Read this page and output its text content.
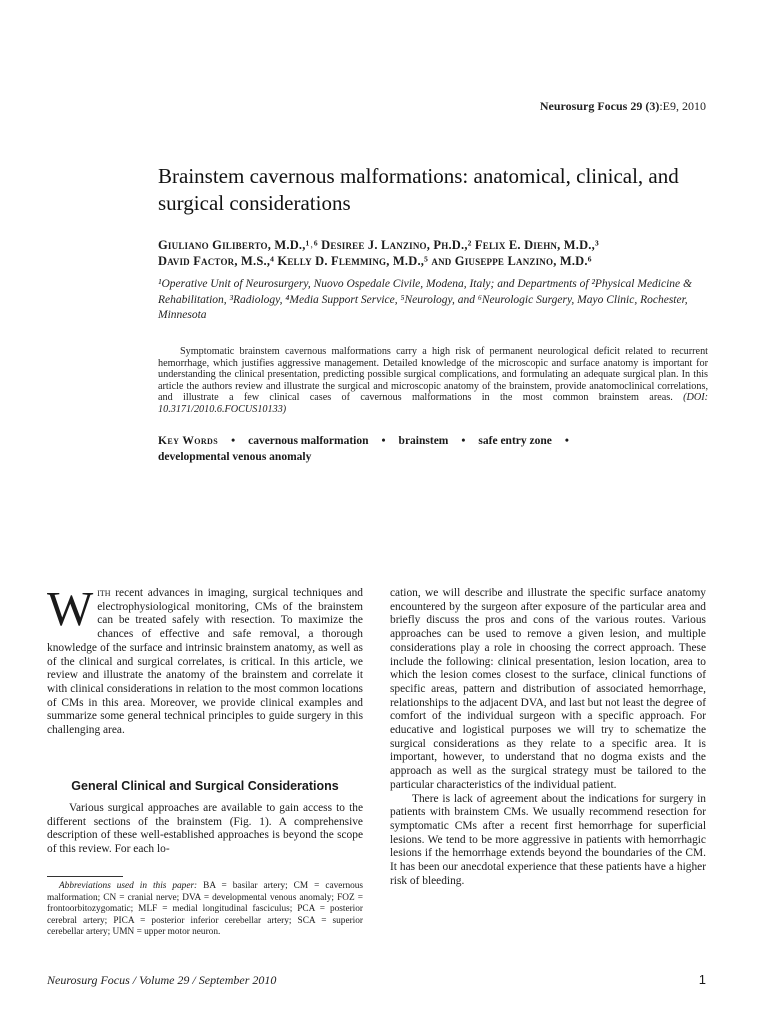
Neurosurg Focus 29 (3):E9, 2010
Brainstem cavernous malformations: anatomical, clinical, and surgical considerations
Giuliano Giliberto, M.D.,¹˒⁶ Desiree J. Lanzino, Ph.D.,² Felix E. Diehn, M.D.,³
David Factor, M.S.,⁴ Kelly D. Flemming, M.D.,⁵ and Giuseppe Lanzino, M.D.⁶
¹Operative Unit of Neurosurgery, Nuovo Ospedale Civile, Modena, Italy; and Departments of ²Physical Medicine & Rehabilitation, ³Radiology, ⁴Media Support Service, ⁵Neurology, and ⁶Neurologic Surgery, Mayo Clinic, Rochester, Minnesota
Symptomatic brainstem cavernous malformations carry a high risk of permanent neurological deficit related to recurrent hemorrhage, which justifies aggressive management. Detailed knowledge of the microscopic and surface anatomy is important for understanding the clinical presentation, predicting possible surgical complications, and formulating an adequate surgical plan. In this article the authors review and illustrate the surgical and microscopic anatomy of the brainstem, provide anatomoclinical correlations, and illustrate a few clinical cases of cavernous malformations in the most common brainstem areas. (DOI: 10.3171/2010.6.FOCUS10133)
Key Words • cavernous malformation • brainstem • safe entry zone •
developmental venous anomaly
With recent advances in imaging, surgical techniques and electrophysiological monitoring, CMs of the brainstem can be treated safely with resection. To maximize the chances of effective and safe removal, a thorough knowledge of the surface and intrinsic brainstem anatomy, as well as of the clinical and surgical correlates, is critical. In this article, we review and illustrate the anatomy of the brainstem and correlate it with clinical considerations in relation to the most common locations of CMs in this area. Moreover, we provide clinical examples and summarize some general technical principles to guide surgery in this challenging area.
General Clinical and Surgical Considerations
Various surgical approaches are available to gain access to the different sections of the brainstem (Fig. 1). A comprehensive description of these well-established approaches is beyond the scope of this review. For each lo-
Abbreviations used in this paper: BA = basilar artery; CM = cavernous malformation; CN = cranial nerve; DVA = developmental venous anomaly; FOZ = frontoorbitozygomatic; MLF = medial longitudinal fasciculus; PCA = posterior cerebral artery; PICA = posterior inferior cerebellar artery; SCA = superior cerebellar artery; UMN = upper motor neuron.

cation, we will describe and illustrate the specific surface anatomy encountered by the surgeon after exposure of the particular area and briefly discuss the pros and cons of the various routes. Various approaches can be used to remove a given lesion, and multiple considerations play a role in choosing the correct approach. These include the following: clinical presentation, lesion location, area to which the lesion comes closest to the surface, clinical functions of specific areas, pattern and distribution of associated hemorrhage, relationships to the adjacent DVA, and last but not least the degree of comfort of the individual surgeon with a specific approach. For educative and logistical purposes we will try to schematize the surgical considerations as they relate to a specific area. It is important, however, to understand that no dogma exists and the approach as well as the surgical strategy must be tailored to the particular characteristics of the individual patient.

There is lack of agreement about the indications for surgery in patients with brainstem CMs. We usually recommend resection for symptomatic CMs after a recent first hemorrhage for superficial lesions. We tend to be more aggressive in patients with hemorrhagic lesions if the hemorrhage extends beyond the boundaries of the CM. It has been our anecdotal experience that these patients have a higher risk of bleeding.

Neurosurg Focus / Volume 29 / September 2010	1
